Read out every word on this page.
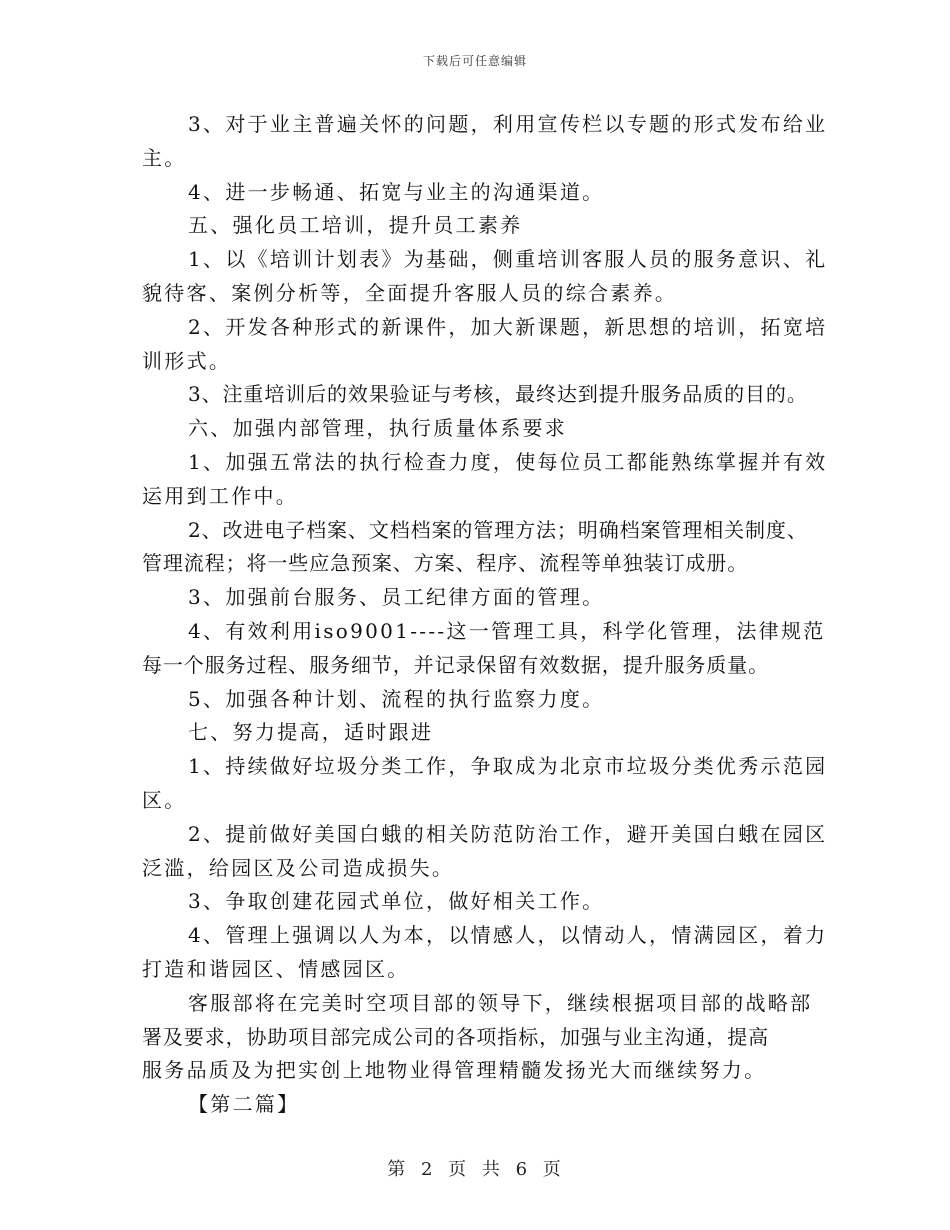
下载后可任意编辑
3、对于业主普遍关怀的问题，利用宣传栏以专题的形式发布给业
主。
4、进一步畅通、拓宽与业主的沟通渠道。
五、强化员工培训，提升员工素养
1、以《培训计划表》为基础，侧重培训客服人员的服务意识、礼
貌待客、案例分析等，全面提升客服人员的综合素养。
2、开发各种形式的新课件，加大新课题，新思想的培训，拓宽培
训形式。
3、注重培训后的效果验证与考核，最终达到提升服务品质的目的。
六、加强内部管理，执行质量体系要求
1、加强五常法的执行检查力度，使每位员工都能熟练掌握并有效
运用到工作中。
2、改进电子档案、文档档案的管理方法；明确档案管理相关制度、
管理流程；将一些应急预案、方案、程序、流程等单独装订成册。
3、加强前台服务、员工纪律方面的管理。
4、有效利用iso9001----这一管理工具，科学化管理，法律规范
每一个服务过程、服务细节，并记录保留有效数据，提升服务质量。
5、加强各种计划、流程的执行监察力度。
七、努力提高，适时跟进
1、持续做好垃圾分类工作，争取成为北京市垃圾分类优秀示范园
区。
2、提前做好美国白蛾的相关防范防治工作，避开美国白蛾在园区
泛滥，给园区及公司造成损失。
3、争取创建花园式单位，做好相关工作。
4、管理上强调以人为本，以情感人，以情动人，情满园区，着力
打造和谐园区、情感园区。
客服部将在完美时空项目部的领导下，继续根据项目部的战略部
署及要求，协助项目部完成公司的各项指标，加强与业主沟通，提高
服务品质及为把实创上地物业得管理精髓发扬光大而继续努力。
【第二篇】
第 2 页 共 6 页
